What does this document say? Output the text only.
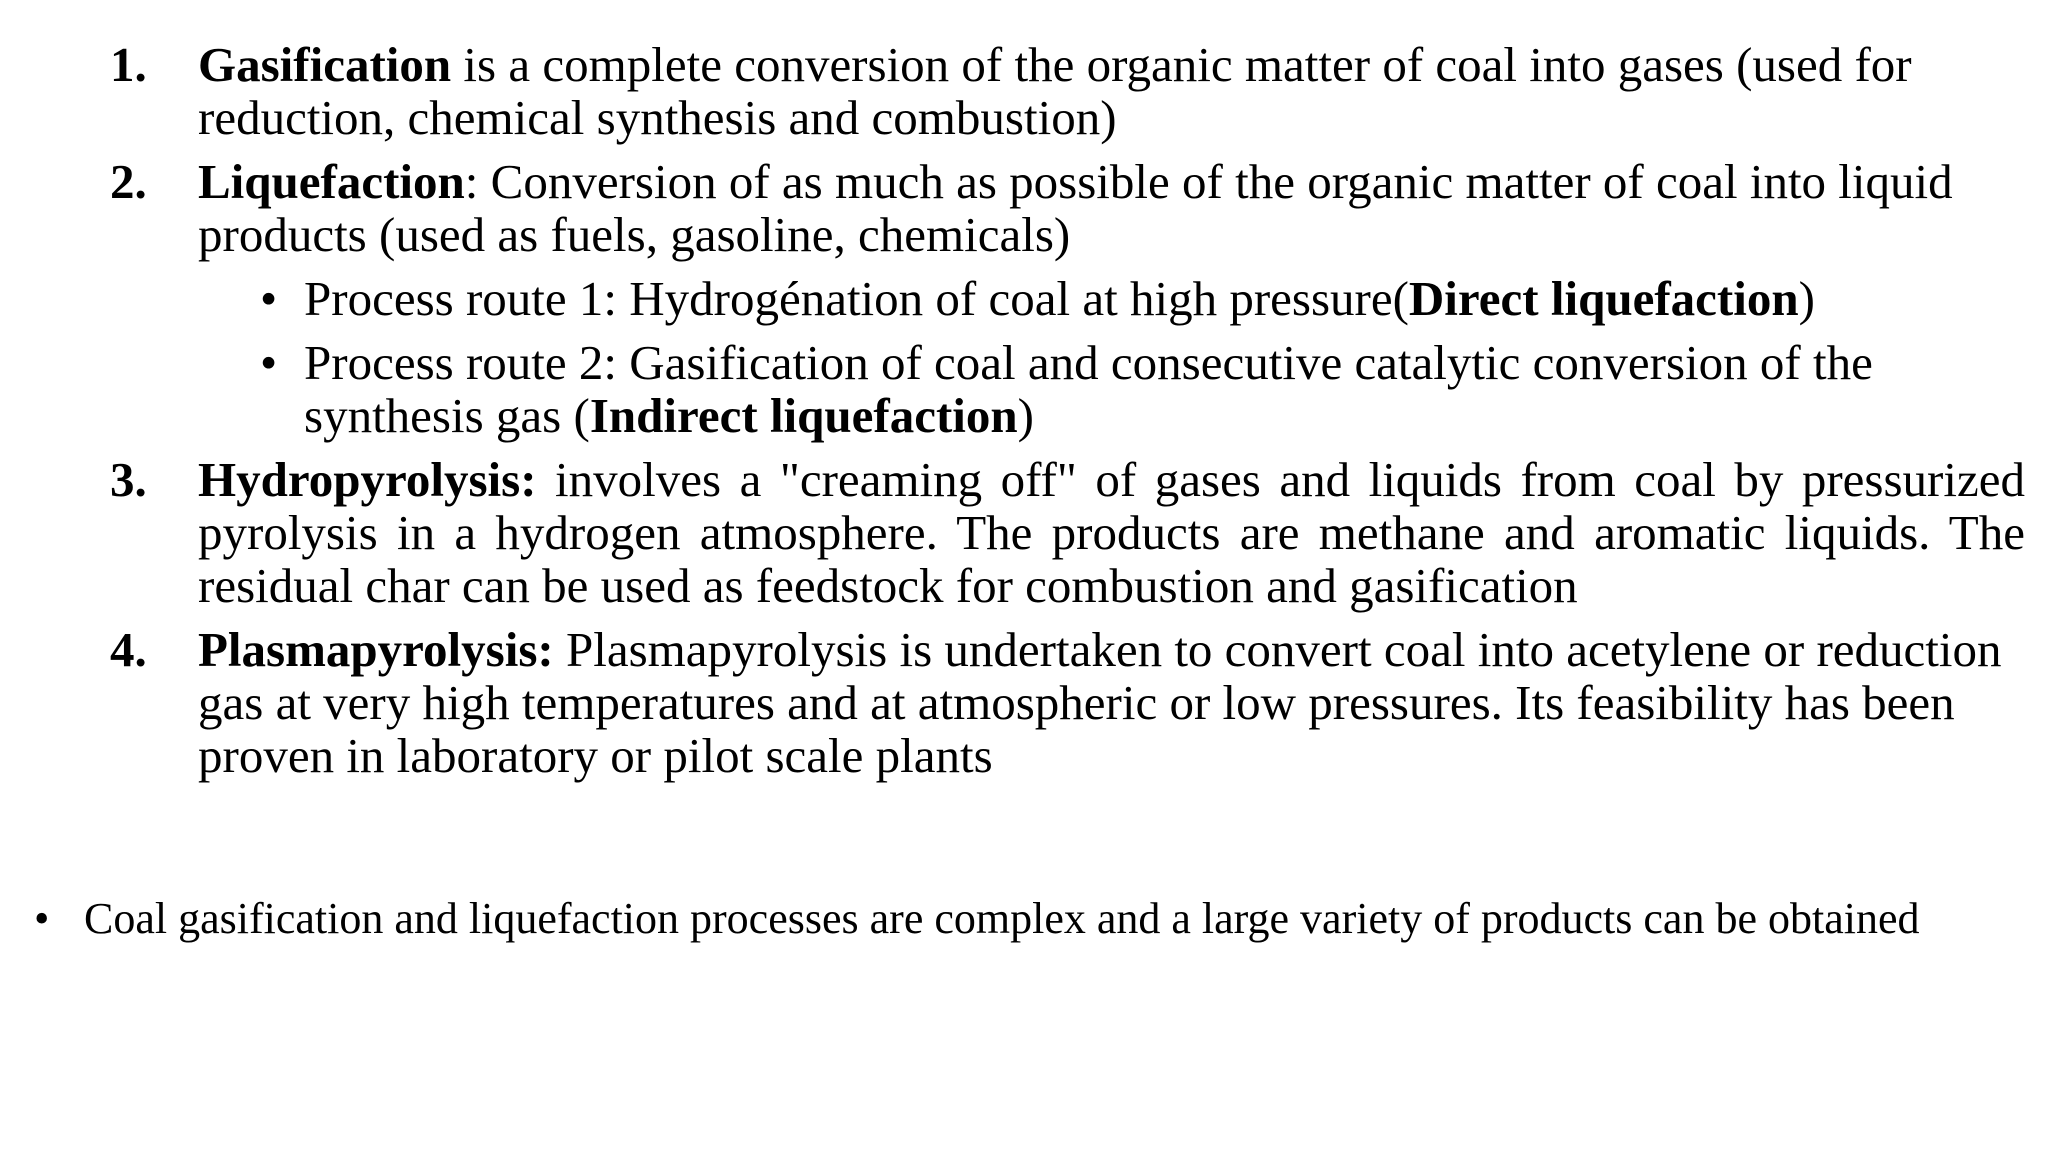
1.	Gasification is a complete conversion of the organic matter of coal into gases (used for reduction, chemical synthesis and combustion)
2.	Liquefaction: Conversion of as much as possible of the organic matter of coal into liquid products (used as fuels, gasoline, chemicals)
• Process route 1: Hydrogénation of coal at high pressure(Direct liquefaction)
• Process route 2: Gasification of coal and consecutive catalytic conversion of the synthesis gas (Indirect liquefaction)
3.	Hydropyrolysis: involves a "creaming off" of gases and liquids from coal by pressurized pyrolysis in a hydrogen atmosphere. The products are methane and aromatic liquids. The residual char can be used as feedstock for combustion and gasification
4.	Plasmapyrolysis: Plasmapyrolysis is undertaken to convert coal into acetylene or reduction gas at very high temperatures and at atmospheric or low pressures. Its feasibility has been proven in laboratory or pilot scale plants
• Coal gasification and liquefaction processes are complex and a large variety of products can be obtained
